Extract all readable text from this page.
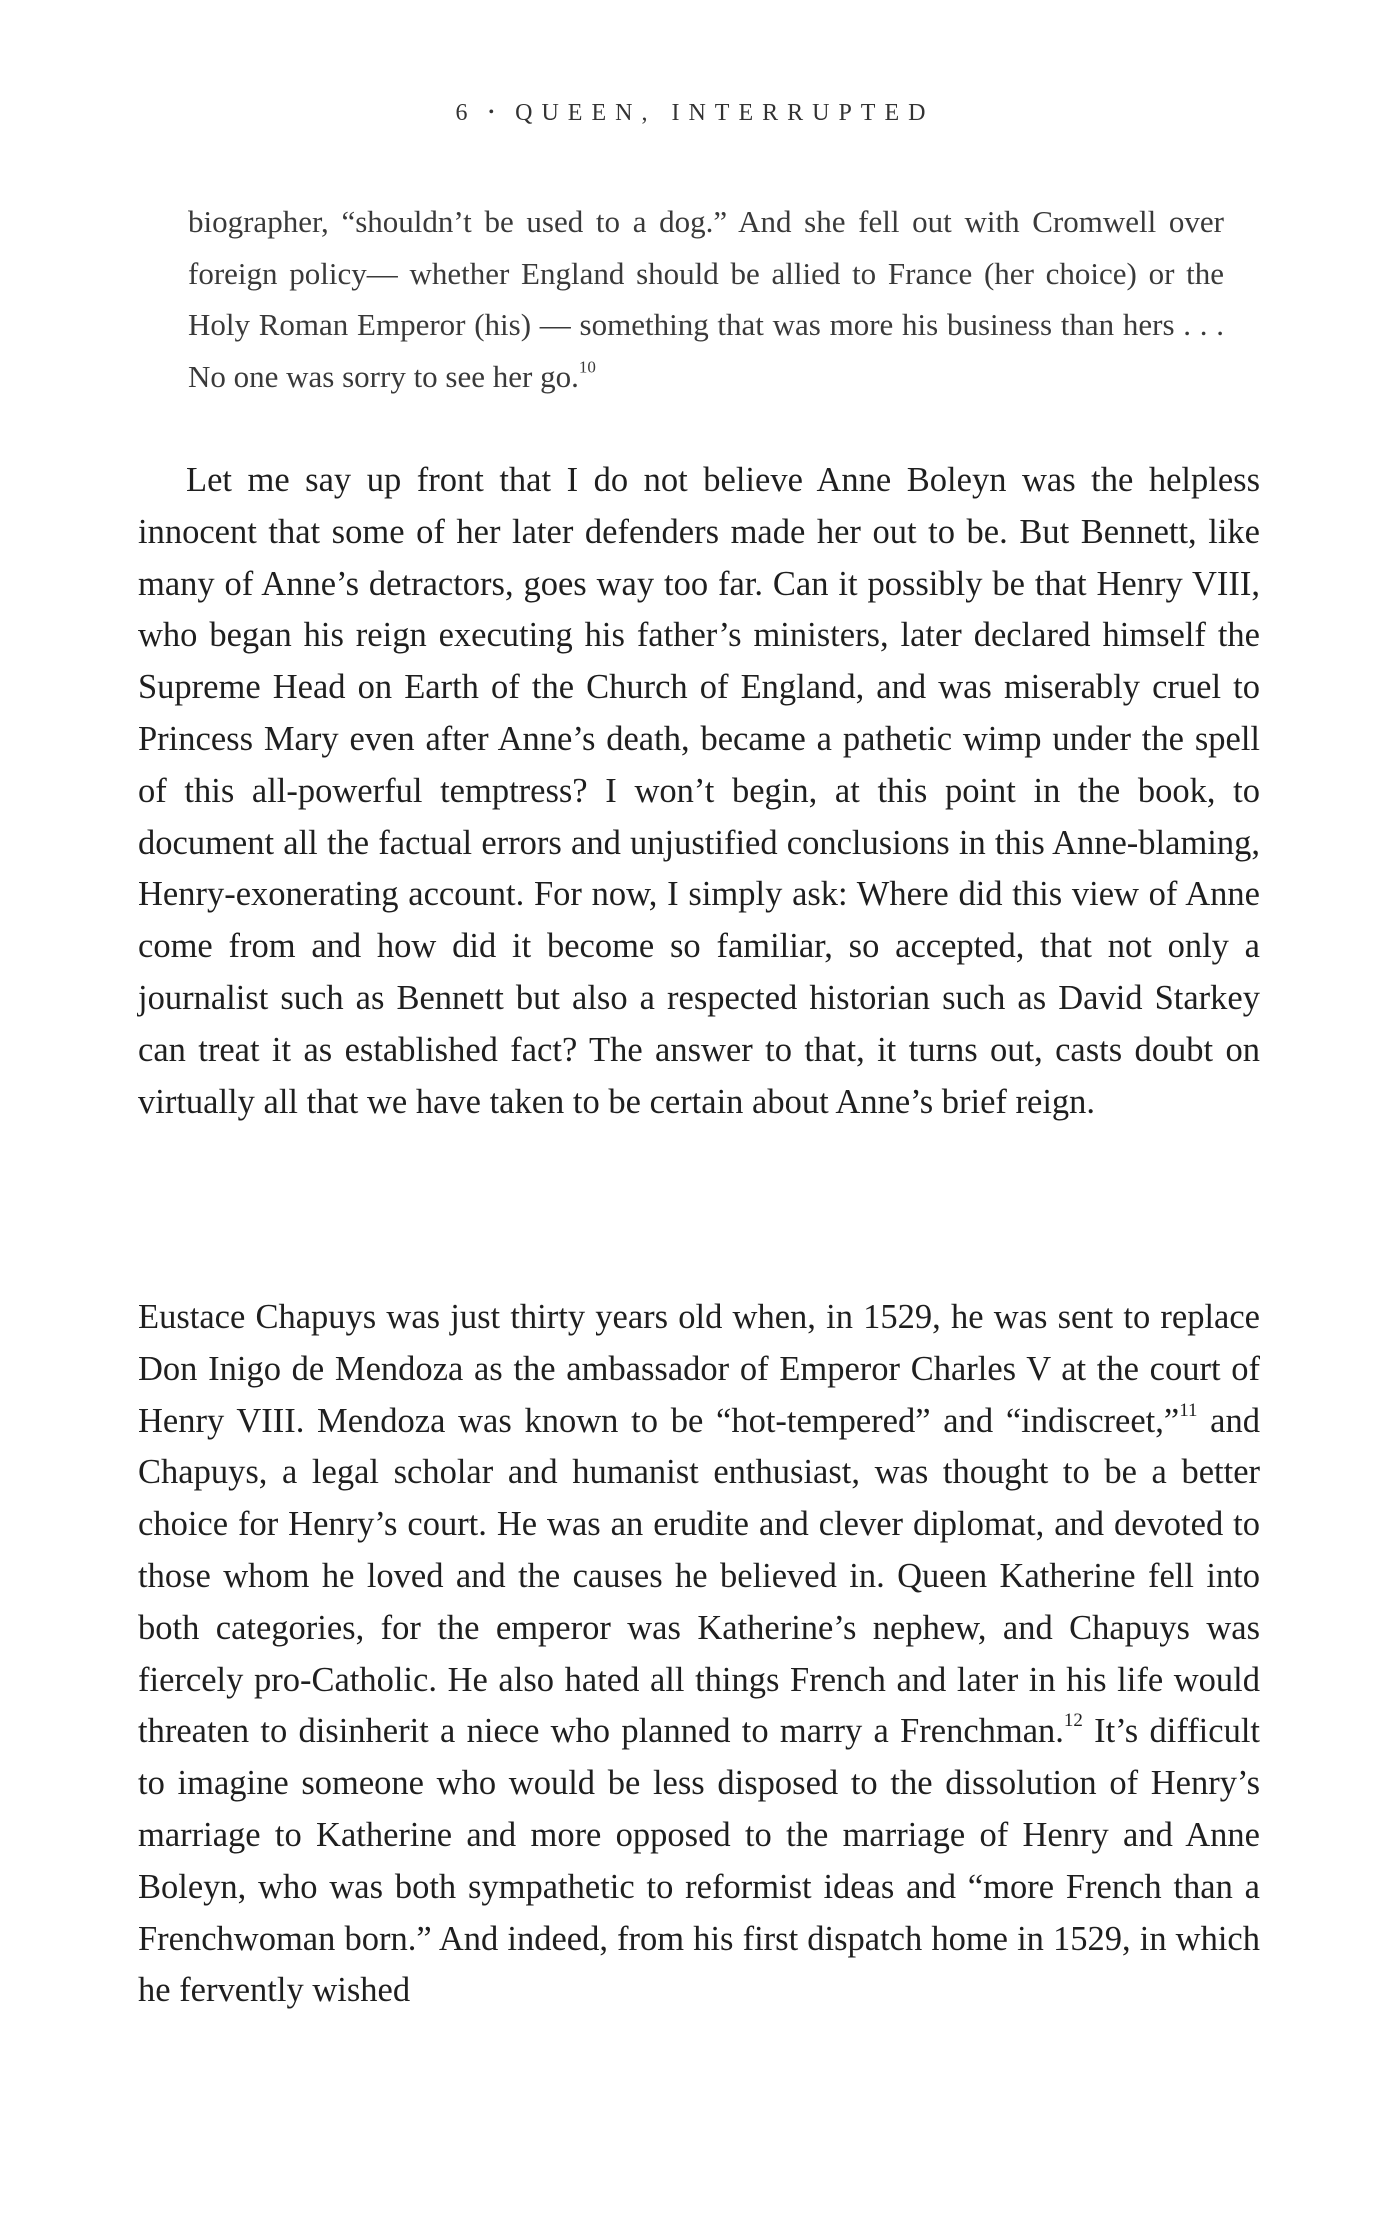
6 • QUEEN, INTERRUPTED

biographer, “shouldn’t be used to a dog.” And she fell out with Cromwell over foreign policy— whether England should be allied to France (her choice) or the Holy Roman Emperor (his) — something that was more his business than hers . . . No one was sorry to see her go.$^{10}$

Let me say up front that I do not believe Anne Boleyn was the helpless innocent that some of her later defenders made her out to be. But Bennett, like many of Anne’s detractors, goes way too far. Can it possibly be that Henry VIII, who began his reign executing his father’s ministers, later declared himself the Supreme Head on Earth of the Church of England, and was miserably cruel to Princess Mary even after Anne’s death, became a pathetic wimp under the spell of this all-powerful temptress? I won’t begin, at this point in the book, to document all the factual errors and unjustified conclusions in this Anne-blaming, Henry-exonerating account. For now, I simply ask: Where did this view of Anne come from and how did it become so familiar, so accepted, that not only a journalist such as Bennett but also a respected historian such as David Starkey can treat it as established fact? The answer to that, it turns out, casts doubt on virtually all that we have taken to be certain about Anne’s brief reign.

Eustace Chapuys was just thirty years old when, in 1529, he was sent to replace Don Inigo de Mendoza as the ambassador of Emperor Charles V at the court of Henry VIII. Mendoza was known to be “hot-tempered” and “indiscreet,”$^{11}$ and Chapuys, a legal scholar and humanist enthusiast, was thought to be a better choice for Henry’s court. He was an erudite and clever diplomat, and devoted to those whom he loved and the causes he believed in. Queen Katherine fell into both categories, for the emperor was Katherine’s nephew, and Chapuys was fiercely pro-Catholic. He also hated all things French and later in his life would threaten to disinherit a niece who planned to marry a Frenchman.$^{12}$ It’s difficult to imagine someone who would be less disposed to the dissolution of Henry’s marriage to Katherine and more opposed to the marriage of Henry and Anne Boleyn, who was both sympathetic to reformist ideas and “more French than a Frenchwoman born.” And indeed, from his first dispatch home in 1529, in which he fervently wished
